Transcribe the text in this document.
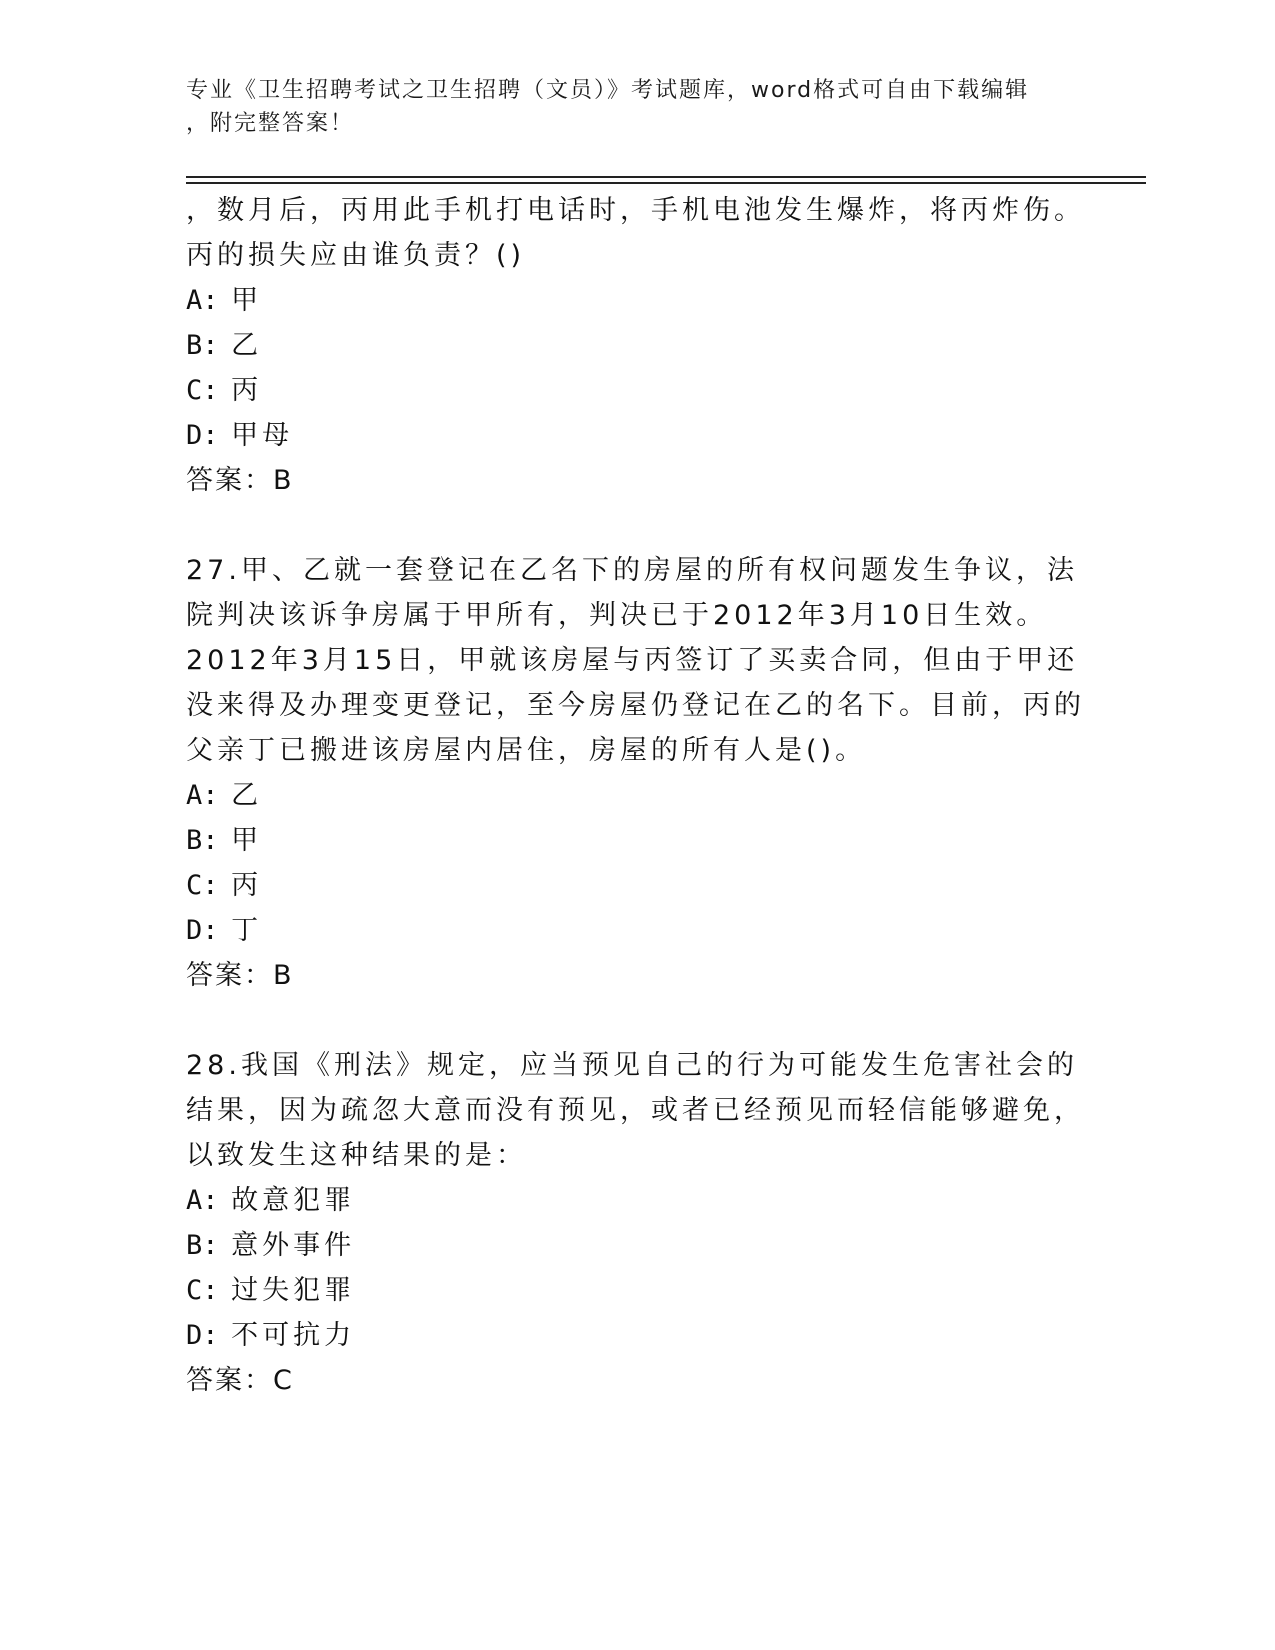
专业《卫生招聘考试之卫生招聘（文员）》考试题库，word格式可自由下载编辑
，附完整答案！

，数月后，丙用此手机打电话时，手机电池发生爆炸，将丙炸伤。丙的损失应由谁负责？()

A: 甲

B: 乙

C: 丙

D: 甲母

答案：B

27.甲、乙就一套登记在乙名下的房屋的所有权问题发生争议，法院判决该诉争房属于甲所有，判决已于2012年3月10日生效。2012年3月15日，甲就该房屋与丙签订了买卖合同，但由于甲还没来得及办理变更登记，至今房屋仍登记在乙的名下。目前，丙的父亲丁已搬进该房屋内居住，房屋的所有人是()。

A: 乙

B: 甲

C: 丙

D: 丁

答案：B

28.我国《刑法》规定，应当预见自己的行为可能发生危害社会的结果，因为疏忽大意而没有预见，或者已经预见而轻信能够避免，以致发生这种结果的是：

A: 故意犯罪

B: 意外事件

C: 过失犯罪

D: 不可抗力

答案：C
